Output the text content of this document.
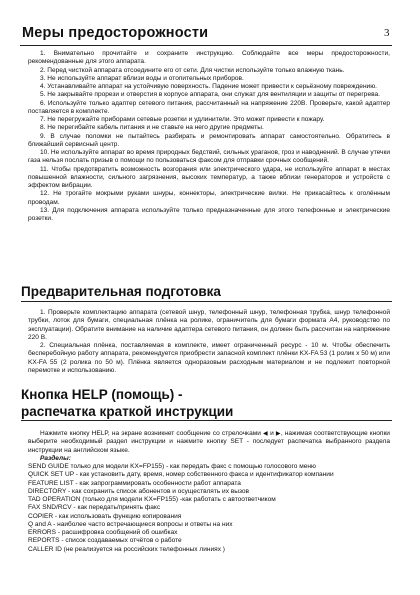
Меры предосторожности	3

1. Внимательно прочитайте и сохраните инструкцию. Соблюдайте все меры предосторожности, рекомендованные для этого аппарата.

2. Перед чисткой аппарата отсоедините его от сети. Для чистки используйте только влажную ткань.

3. Не используйте аппарат вблизи воды и отопительных приборов.

4. Устанавливайте аппарат на устойчивую поверхность. Падение может привести к серьёзному повреждению.

5. Не закрывайте прорези и отверстия в корпусе аппарата, они служат для вентиляции и защиты от перегрева.

6. Используйте только адаптер сетевого питания, рассчитанный на напряжение 220В. Проверьте, какой адаптер поставляется в комплекте.

7. Не перегружайте приборами сетевые розетки и удлинители. Это может привести к пожару.

8. Не перегибайте кабель питания и не ставьте на него другие предметы.

9. В случае поломки не пытайтесь разбирать и ремонтировать аппарат самостоятельно. Обратитесь в ближайший сервисный центр.

10. Не используйте аппарат во время природных бедствий, сильных ураганов, гроз и наводнений. В случае утечки газа нельзя послать призыв о помощи по пользоваться факсом для отправки срочных сообщений.

11. Чтобы предотвратить возможность возгорания или электрического удара, не используйте аппарат в местах повышенной влажности, сильного загрязнения, высоких температур, а также вблизи генераторов и устройств с эффектом вибрации.

12. Не трогайте мокрыми руками шнуры, коннекторы, электрические вилки. Не прикасайтесь к оголённым проводам.

13. Для подключения аппарата используйте только предназначенные для этого телефонные и электрические розетки.

Предварительная подготовка

1. Проверьте комплектацию аппарата (сетевой шнур, телефонный шнур, телефонная трубка, шнур телефонной трубки, лоток для бумаги, специальная плёнка на ролике, ограничитель для бумаги формата А4, руководство по эксплуатации). Обратите внимание на наличие адаптера сетевого питания, он должен быть рассчитан на напряжение 220 В.

2. Специальная плёнка, поставляемая в комплекте, имеет ограниченный ресурс - 10 м. Чтобы обеспечить бесперебойную работу аппарата, рекомендуется приобрести запасной комплект плёнки KX-FA 53 (1 ролик x 50 м) или KX-FA 55 (2 ролика по 50 м). Плёнка является одноразовым расходным материалом и не подлежит повторной перемотке и использованию.

Кнопка HELP (помощь) -
распечатка краткой инструкции

Нажмите кнопку HELP, на экране возникнет сообщение со стрелочками ◀ и ▶, нажимая соответствующие кнопки выберите необходимый раздел инструкции и нажмите кнопку SET - последует распечатка выбранного раздела инструкции на английском языке.

Разделы:
SEND GUIDE только для модели KX=FP155) - как передать факс с помощью голосового меню
QUICK SET UP - как установить дату, время, номер собственного факса и идентификатор компании
FEATURE LIST - как запрограммировать особенности работ аппарата
DIRECTORY - как сохранить список абонентов и осуществлять их вызов
TAD OPERATION (только для модели KX=FP155) -как работать с автоответчиком
FAX SND/RCV - как передать/принять факс
COPIER - как использовать функцию копирования
Q and A - наиболее часто встречающиеся вопросы и ответы на них
ERRORS - расшифровка сообщений об ошибках
REPORTS - список создаваемых отчётов о работе
CALLER ID (не реализуется на российских телефонных линиях )
